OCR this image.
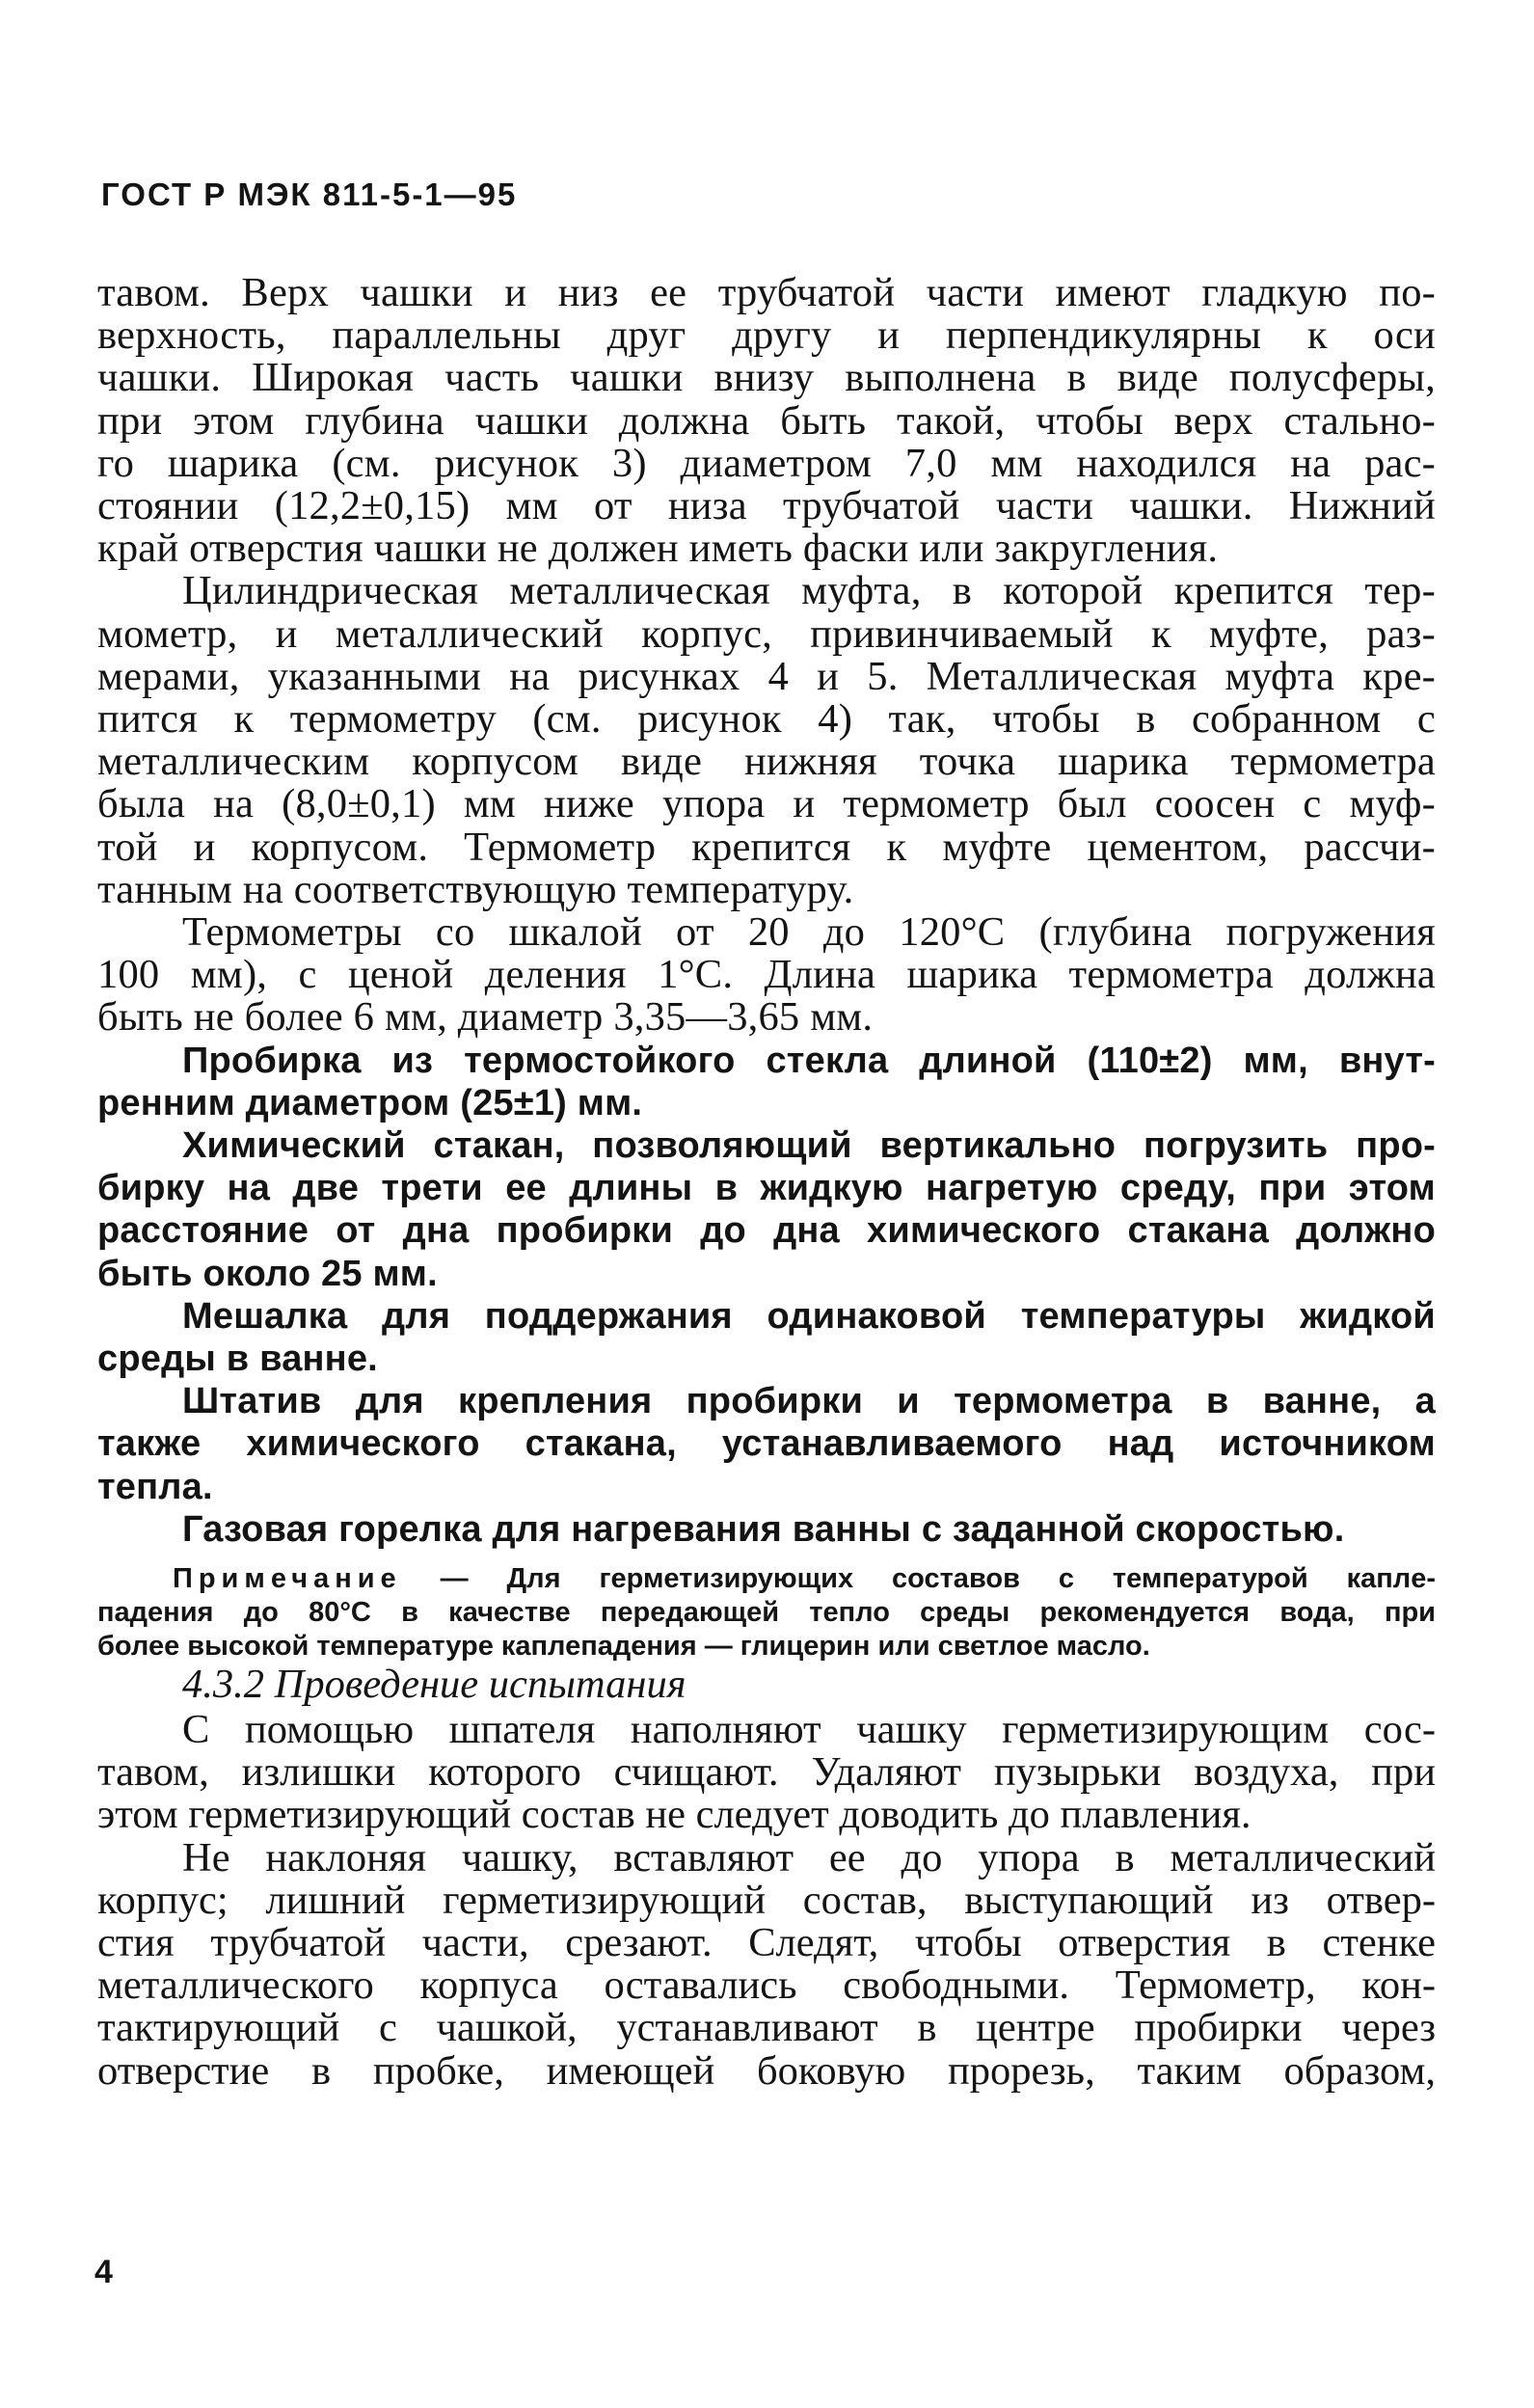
ГОСТ Р МЭК 811-5-1—95
тавом. Верх чашки и низ ее трубчатой части имеют гладкую по-
верхность, параллельны друг другу и перпендикулярны к оси
чашки. Широкая часть чашки внизу выполнена в виде полусферы,
при этом глубина чашки должна быть такой, чтобы верх стально-
го шарика (см. рисунок 3) диаметром 7,0 мм находился на рас-
стоянии (12,2±0,15) мм от низа трубчатой части чашки. Нижний
край отверстия чашки не должен иметь фаски или закругления.
Цилиндрическая металлическая муфта, в которой крепится тер-
мометр, и металлический корпус, привинчиваемый к муфте, раз-
мерами, указанными на рисунках 4 и 5. Металлическая муфта кре-
пится к термометру (см. рисунок 4) так, чтобы в собранном с
металлическим корпусом виде нижняя точка шарика термометра
была на (8,0±0,1) мм ниже упора и термометр был соосен с муф-
той и корпусом. Термометр крепится к муфте цементом, рассчи-
танным на соответствующую температуру.
Термометры со шкалой от 20 до 120°С (глубина погружения
100 мм), с ценой деления 1°С. Длина шарика термометра должна
быть не более 6 мм, диаметр 3,35—3,65 мм.
Пробирка из термостойкого стекла длиной (110±2) мм, внут-
ренним диаметром (25±1) мм.
Химический стакан, позволяющий вертикально погрузить про-
бирку на две трети ее длины в жидкую нагретую среду, при этом
расстояние от дна пробирки до дна химического стакана должно
быть около 25 мм.
Мешалка для поддержания одинаковой температуры жидкой
среды в ванне.
Штатив для крепления пробирки и термометра в ванне, а
также химического стакана, устанавливаемого над источником
тепла.
Газовая горелка для нагревания ванны с заданной скоростью.
Примечание — Для герметизирующих составов с температурой каплe-
падения до 80°С в качестве передающей тепло среды рекомендуется вода, при
более высокой температуре каплепадения — глицерин или светлое масло.
4.3.2 Проведение испытания
С помощью шпателя наполняют чашку герметизирующим сос-
тавом, излишки которого счищают. Удаляют пузырьки воздуха, при
этом герметизирующий состав не следует доводить до плавления.
Не наклоняя чашку, вставляют ее до упора в металлический
корпус; лишний герметизирующий состав, выступающий из отвер-
стия трубчатой части, срезают. Следят, чтобы отверстия в стенке
металлического корпуса оставались свободными. Термометр, кон-
тактирующий с чашкой, устанавливают в центре пробирки через
отверстие в пробке, имеющей боковую прорезь, таким образом,
4
